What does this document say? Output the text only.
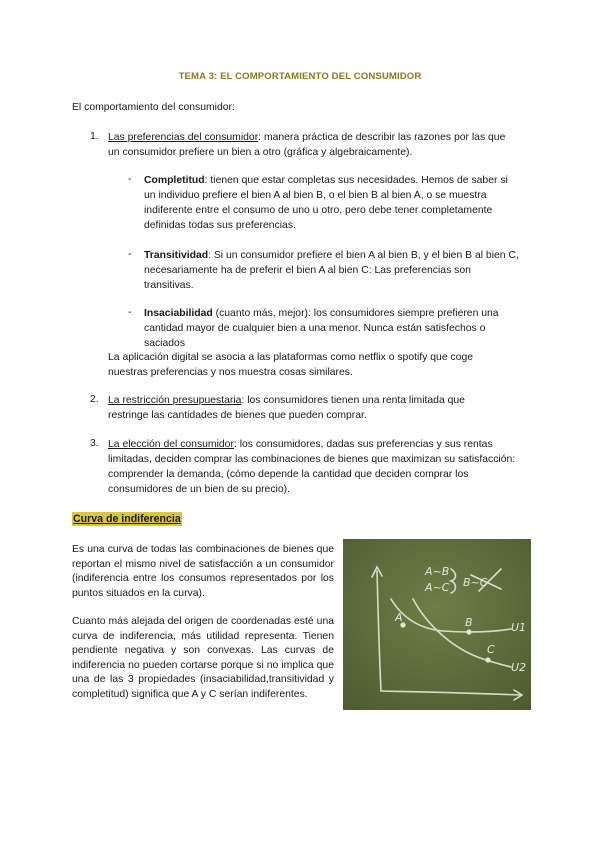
TEMA 3: EL COMPORTAMIENTO DEL CONSUMIDOR
El comportamiento del consumidor:
1. Las preferencias del consumidor: manera práctica de describir las razones por las que un consumidor prefiere un bien a otro (gráfica y algebraicamente).
- Completitud: tienen que estar completas sus necesidades. Hemos de saber si un individuo prefiere el bien A al bien B, o el bien B al bien A, o se muestra indiferente entre el consumo de uno u otro, pero debe tener completamente definidas todas sus preferencias.
- Transitividad: Si un consumidor prefiere el bien A al bien B, y el bien B al bien C, necesariamente ha de preferir el bien A al bien C: Las preferencias son transitivas.
- Insaciabilidad (cuanto más, mejor): los consumidores siempre prefieren una cantidad mayor de cualquier bien a una menor. Nunca están satisfechos o saciados
La aplicación digital se asocia a las plataformas como netflix o spotify que coge nuestras preferencias y nos muestra cosas similares.
2. La restricción presupuestaria: los consumidores tienen una renta limitada que restringe las cantidades de bienes que pueden comprar.
3. La elección del consumidor: los consumidores, dadas sus preferencias y sus rentas limitadas, deciden comprar las combinaciones de bienes que maximizan su satisfacción: comprender la demanda, (cómo depende la cantidad que deciden comprar los consumidores de un bien de su precio).
Curva de indiferencia
Es una curva de todas las combinaciones de bienes que reportan el mismo nivel de satisfacción a un consumidor (indiferencia entre los consumos representados por los puntos situados en la curva).
Cuanto más alejada del origen de coordenadas esté una curva de indiferencia, más utilidad representa. Tienen pendiente negativa y son convexas. Las curvas de indiferencia no pueden cortarse porque si no implica que una de las 3 propiedades (insaciabilidad,transitividad y completitud) significa que A y C serían indiferentes.
A~B
A~C B~C
A	B
C
U1
U2
